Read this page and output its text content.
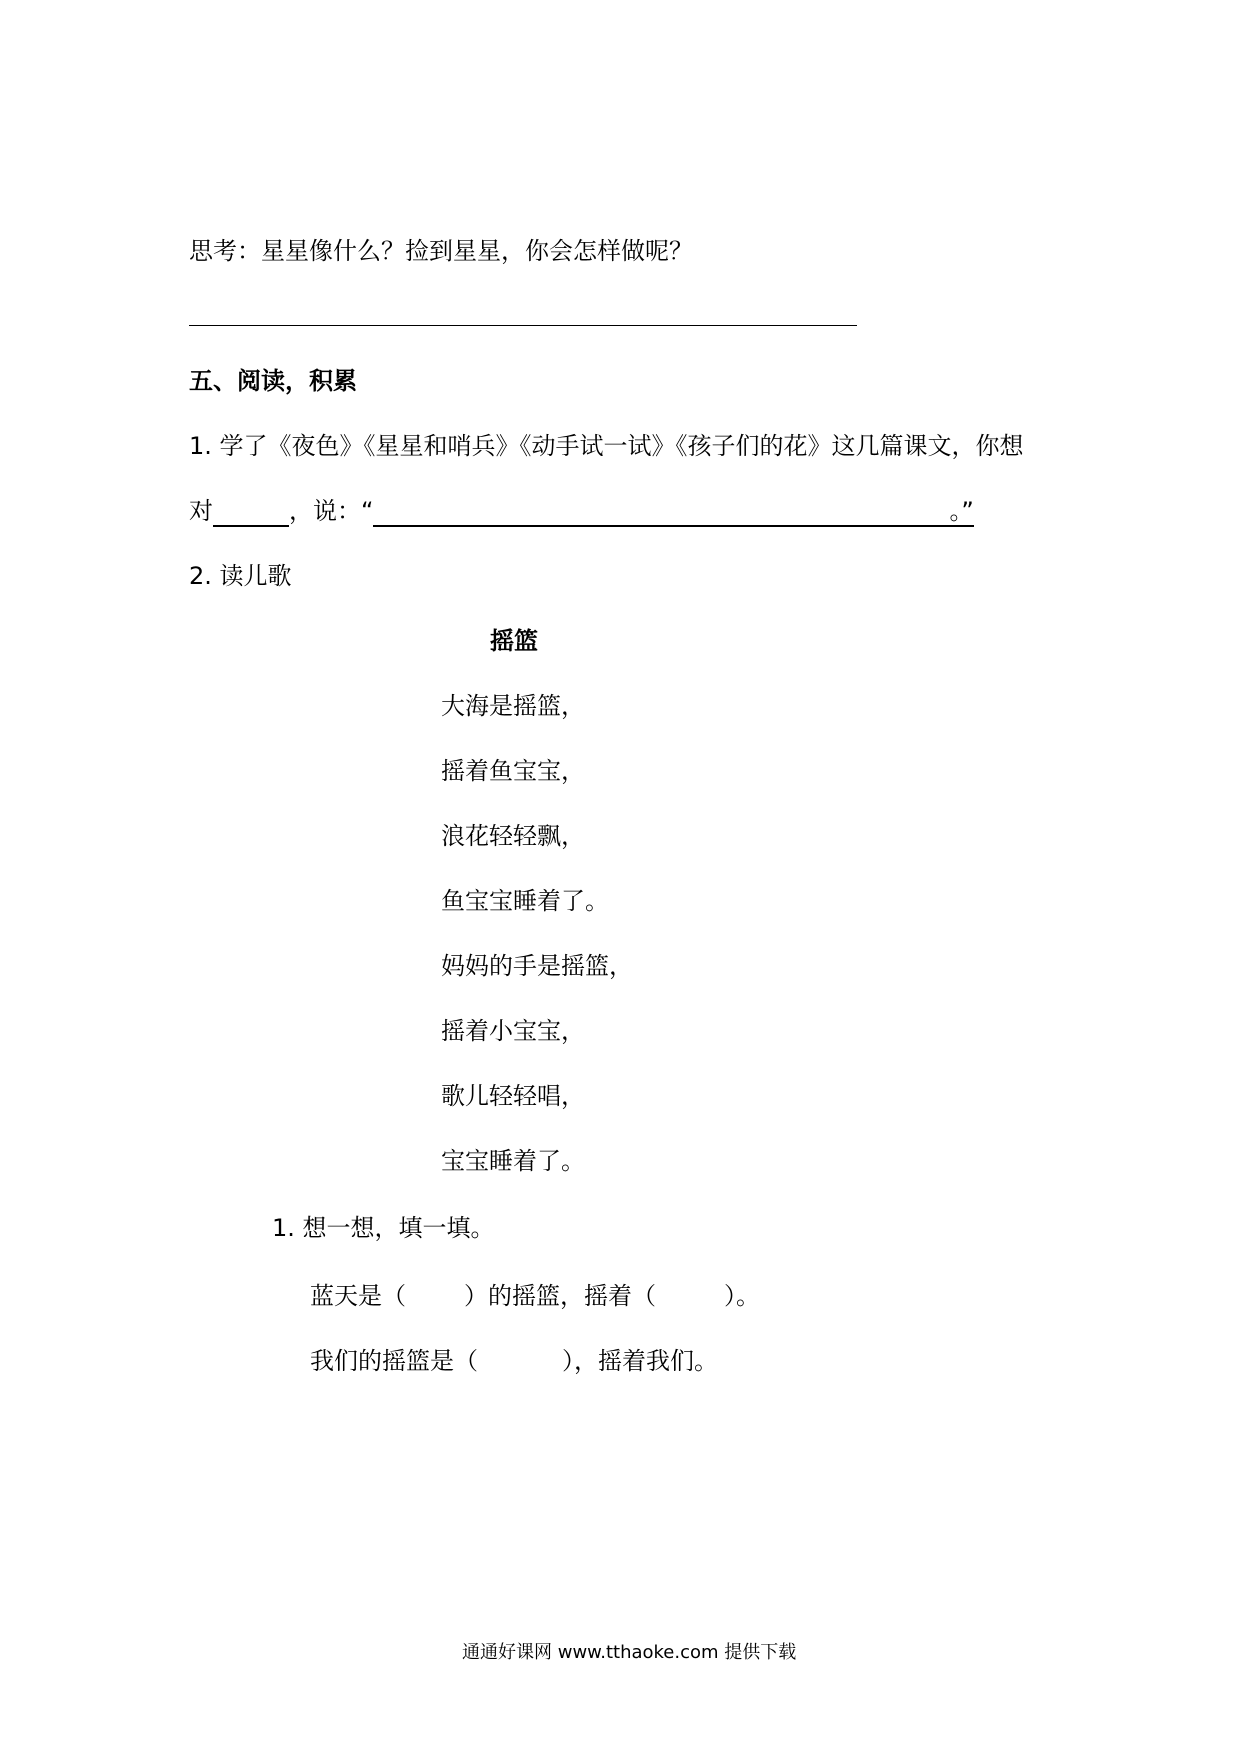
思考：星星像什么？捡到星星，你会怎样做呢？
五、阅读，积累
1. 学了《夜色》《星星和哨兵》《动手试一试》《孩子们的花》这几篇课文，你想
对	，说：“	。”
2. 读儿歌
摇篮
大海是摇篮，
摇着鱼宝宝，
浪花轻轻飘，
鱼宝宝睡着了。
妈妈的手是摇篮，
摇着小宝宝，
歌儿轻轻唱，
宝宝睡着了。
1. 想一想，填一填。
蓝天是（ ）的摇篮，摇着（	）。
我们的摇篮是（	），摇着我们。
通通好课网 www.tthaoke.com 提供下载
